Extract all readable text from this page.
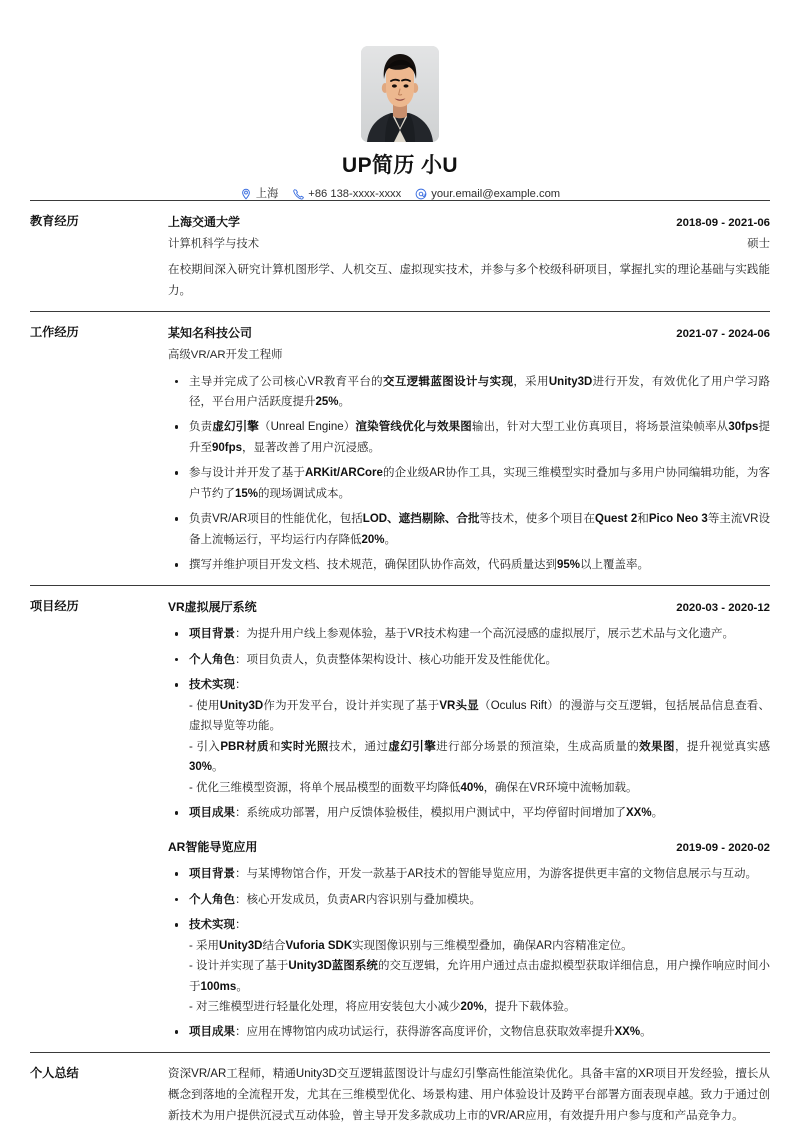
UP简历 小U
上海	+86 138-xxxx-xxxx	your.email@example.com
教育经历	上海交通大学	2018-09 - 2021-06
计算机科学与技术	硕士
在校期间深入研究计算机图形学、人机交互、虚拟现实技术，并参与多个校级科研项目，掌握扎实的理论基础与实践能力。
工作经历	某知名科技公司	2021-07 - 2024-06
高级VR/AR开发工程师
主导并完成了公司核心VR教育平台的交互逻辑蓝图设计与实现，采用Unity3D进行开发，有效优化了用户学习路径，平台用户活跃度提升25%。
负责虚幻引擎（Unreal Engine）渲染管线优化与效果图输出，针对大型工业仿真项目，将场景渲染帧率从30fps提升至90fps，显著改善了用户沉浸感。
参与设计并开发了基于ARKit/ARCore的企业级AR协作工具，实现三维模型实时叠加与多用户协同编辑功能，为客户节约了15%的现场调试成本。
负责VR/AR项目的性能优化，包括LOD、遮挡剔除、合批等技术，使多个项目在Quest 2和Pico Neo 3等主流VR设备上流畅运行，平均运行内存降低20%。
撰写并维护项目开发文档、技术规范，确保团队协作高效，代码质量达到95%以上覆盖率。
项目经历	VR虚拟展厅系统	2020-03 - 2020-12
项目背景：为提升用户线上参观体验，基于VR技术构建一个高沉浸感的虚拟展厅，展示艺术品与文化遗产。
个人角色：项目负责人，负责整体架构设计、核心功能开发及性能优化。
技术实现：
- 使用Unity3D作为开发平台，设计并实现了基于VR头显（Oculus Rift）的漫游与交互逻辑，包括展品信息查看、虚拟导览等功能。
- 引入PBR材质和实时光照技术，通过虚幻引擎进行部分场景的预渲染，生成高质量的效果图，提升视觉真实感30%。
- 优化三维模型资源，将单个展品模型的面数平均降低40%，确保在VR环境中流畅加载。
项目成果：系统成功部署，用户反馈体验极佳，模拟用户测试中，平均停留时间增加了XX%。
AR智能导览应用	2019-09 - 2020-02
项目背景：与某博物馆合作，开发一款基于AR技术的智能导览应用，为游客提供更丰富的文物信息展示与互动。
个人角色：核心开发成员，负责AR内容识别与叠加模块。
技术实现：
- 采用Unity3D结合Vuforia SDK实现图像识别与三维模型叠加，确保AR内容精准定位。
- 设计并实现了基于Unity3D蓝图系统的交互逻辑，允许用户通过点击虚拟模型获取详细信息，用户操作响应时间小于100ms。
- 对三维模型进行轻量化处理，将应用安装包大小减少20%，提升下载体验。
项目成果：应用在博物馆内成功试运行，获得游客高度评价，文物信息获取效率提升XX%。
个人总结	资深VR/AR工程师，精通Unity3D交互逻辑蓝图设计与虚幻引擎高性能渲染优化。具备丰富的XR项目开发经验，擅长从概念到落地的全流程开发，尤其在三维模型优化、场景构建、用户体验设计及跨平台部署方面表现卓越。致力于通过创新技术为用户提供沉浸式互动体验，曾主导开发多款成功上市的VR/AR应用，有效提升用户参与度和产品竞争力。
